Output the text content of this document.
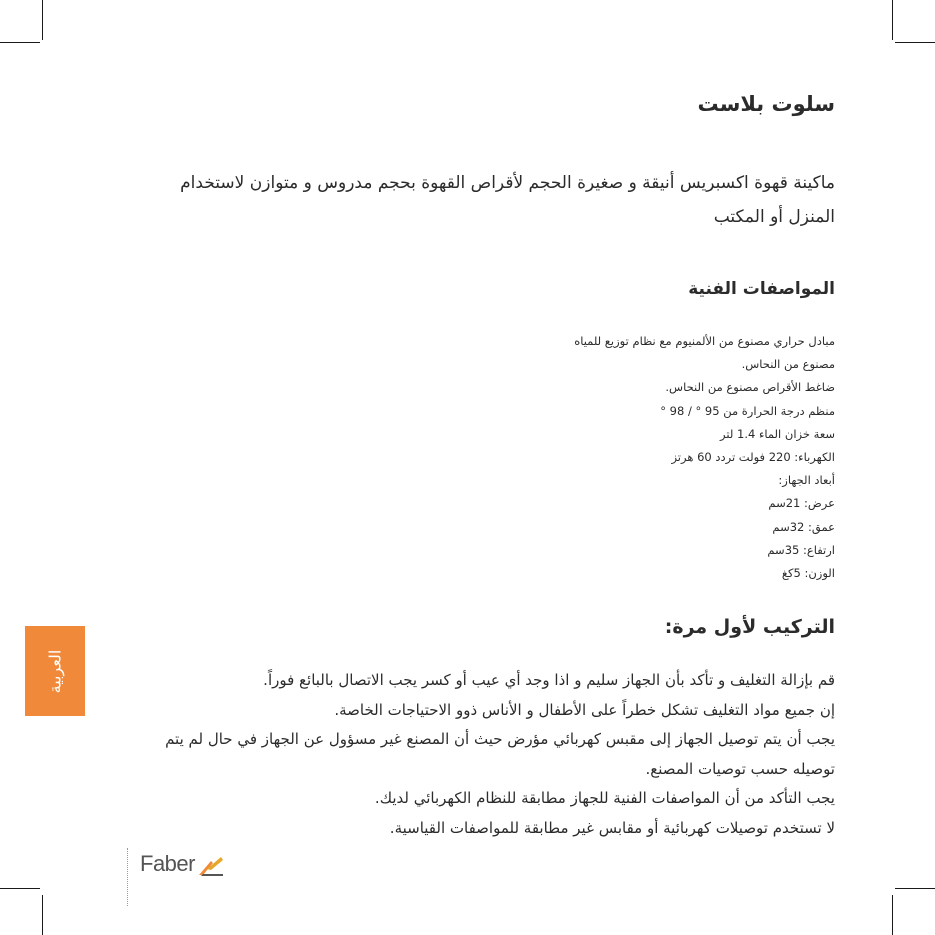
سلوت بلاست

ماكينة قهوة اكسبريس أنيقة و صغيرة الحجم لأقراص القهوة بحجم مدروس و متوازن لاستخدام المنزل أو المكتب

المواصفات الفنية
مبادل حراري مصنوع من الألمنيوم مع نظام توزيع للمياه
مصنوع من النحاس.
ضاغط الأقراص مصنوع من النحاس.
منظم درجة الحرارة من 95 ° / 98 °
سعة خزان الماء 1.4 لتر
الكهرباء: 220 فولت تردد 60 هرتز
أبعاد الجهاز:
عرض: 21سم
عمق: 32سم
ارتفاع: 35سم
الوزن: 5كغ
التركيب لأول مرة:
قم بإزالة التغليف و تأكد بأن الجهاز سليم و اذا وجد أي عيب أو كسر يجب الاتصال بالبائع فوراً.
إن جميع مواد التغليف تشكل خطراً على الأطفال و الأناس ذوو الاحتياجات الخاصة.
يجب أن يتم توصيل الجهاز إلى مقبس كهربائي مؤرض حيث أن المصنع غير مسؤول عن الجهاز في حال لم يتم توصيله حسب توصيات المصنع.
يجب التأكد من أن المواصفات الفنية للجهاز مطابقة للنظام الكهربائي لديك.
لا تستخدم توصيلات كهربائية أو مقابس غير مطابقة للمواصفات القياسية.
العربية
Faber
